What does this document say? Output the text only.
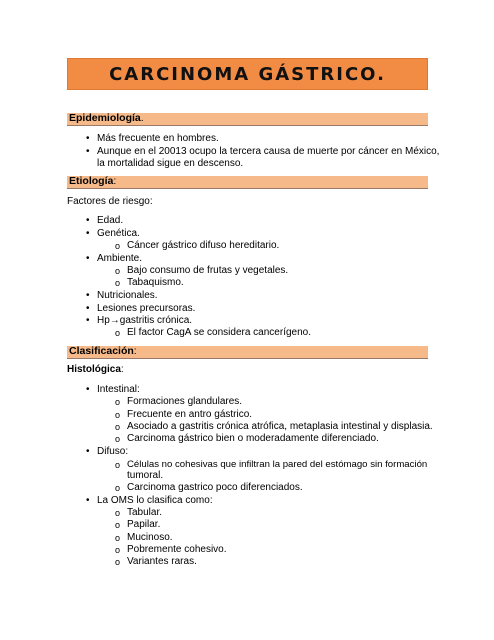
CARCINOMA GÁSTRICO.
Epidemiología.
• Más frecuente en hombres.
• Aunque en el 20013 ocupo la tercera causa de muerte por cáncer en México,
la mortalidad sigue en descenso.
Etiología:
Factores de riesgo:
• Edad.
• Genética.
o Cáncer gástrico difuso hereditario.
• Ambiente.
o Bajo consumo de frutas y vegetales.
o Tabaquismo.
• Nutricionales.
• Lesiones precursoras.
• Hp→gastritis crónica.
o El factor CagA se considera cancerígeno.
Clasificación:
Histológica:
• Intestinal:
o Formaciones glandulares.
o Frecuente en antro gástrico.
o Asociado a gastritis crónica atrófica, metaplasia intestinal y displasia.
o Carcinoma gástrico bien o moderadamente diferenciado.
• Difuso:
o Células no cohesivas que infiltran la pared del estómago sin formación
tumoral.
o Carcinoma gastrico poco diferenciados.
• La OMS lo clasifica como:
o Tabular.
o Papilar.
o Mucinoso.
o Pobremente cohesivo.
o Variantes raras.
